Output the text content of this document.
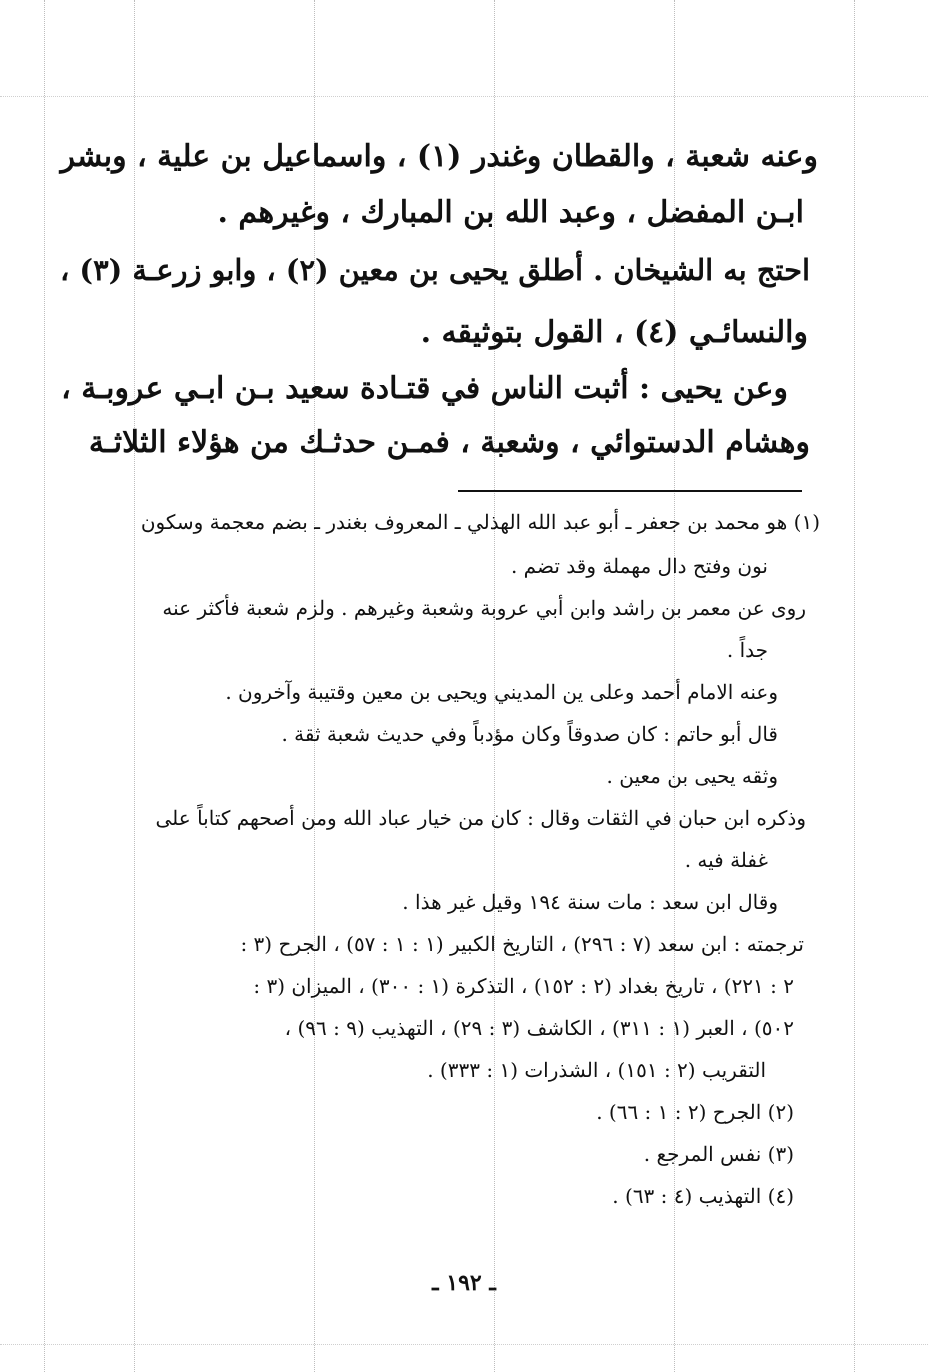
وعنه شعبة ، والقطان وغندر (١) ، واسماعيل بن علية ، وبشر
ابـن المفضل ، وعبد الله بن المبارك ، وغيرهم .
احتج به الشيخان . أطلق يحيى بن معين (٢) ، وابو زرعـة (٣) ،
والنسائـي (٤) ، القول بتوثيقه .
وعن يحيى : أثبت الناس في قتـادة سعيد بـن ابـي عروبـة ،
وهشام الدستوائي ، وشعبة ، فمـن حدثـك من هؤلاء الثلاثـة
(١) هو محمد بن جعفر ـ أبو عبد الله الهذلي ـ المعروف بغندر ـ بضم معجمة وسكون
نون وفتح دال مهملة وقد تضم .
روى عن معمر بن راشد وابن أبي عروبة وشعبة وغيرهم . ولزم شعبة فأكثر عنه
جداً .
وعنه الامام أحمد وعلى ين المديني ويحيى بن معين وقتيبة وآخرون .
قال أبو حاتم : كان صدوقاً وكان مؤدباً وفي حديث شعبة ثقة .
وثقه يحيى بن معين .
وذكره ابن حبان في الثقات وقال : كان من خيار عباد الله ومن أصحهم كتاباً على
غفلة فيه .
وقال ابن سعد : مات سنة ١٩٤ وقيل غير هذا .
ترجمته : ابن سعد (٧ : ٢٩٦) ، التاريخ الكبير (١ : ١ : ٥٧) ، الجرح (٣ :
٢ : ٢٢١) ، تاريخ بغداد (٢ : ١٥٢) ، التذكرة (١ : ٣٠٠) ، الميزان (٣ :
٥٠٢) ، العبر (١ : ٣١١) ، الكاشف (٣ : ٢٩) ، التهذيب (٩ : ٩٦) ،
التقريب (٢ : ١٥١) ، الشذرات (١ : ٣٣٣) .
(٢) الجرح (٢ : ١ : ٦٦) .
(٣) نفس المرجع .
(٤) التهذيب (٤ : ٦٣) .
ـ ١٩٢ ـ
